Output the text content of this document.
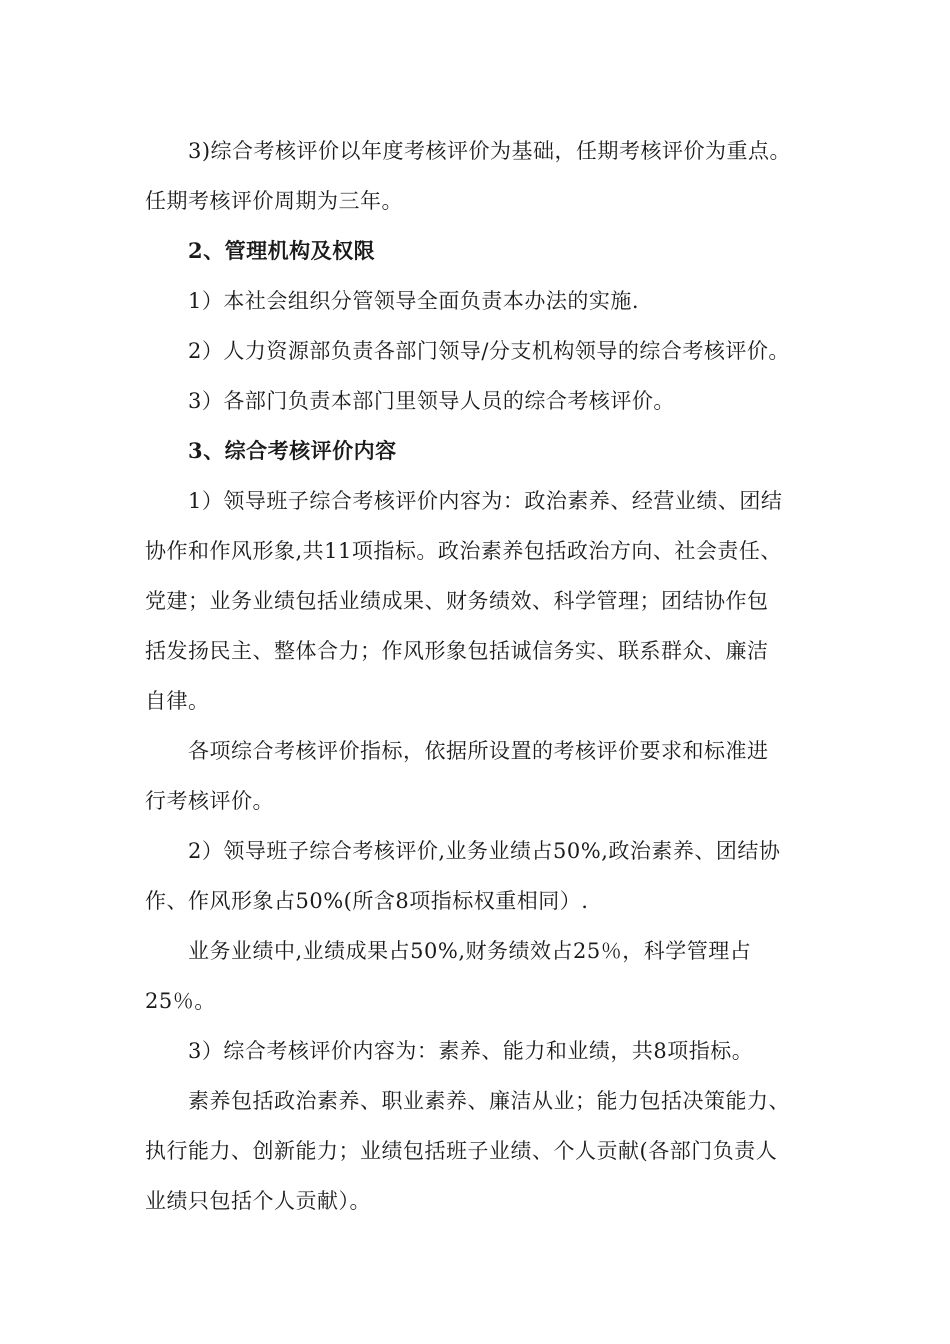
3)综合考核评价以年度考核评价为基础，任期考核评价为重点。
任期考核评价周期为三年。
2、管理机构及权限
1）本社会组织分管领导全面负责本办法的实施.
2）人力资源部负责各部门领导/分支机构领导的综合考核评价。
3）各部门负责本部门里领导人员的综合考核评价。
3、综合考核评价内容
1）领导班子综合考核评价内容为：政治素养、经营业绩、团结
协作和作风形象,共11项指标。政治素养包括政治方向、社会责任、
党建；业务业绩包括业绩成果、财务绩效、科学管理；团结协作包
括发扬民主、整体合力；作风形象包括诚信务实、联系群众、廉洁
自律。
各项综合考核评价指标，依据所设置的考核评价要求和标准进
行考核评价。
2）领导班子综合考核评价,业务业绩占50%,政治素养、团结协
作、作风形象占50%(所含8项指标权重相同）.
业务业绩中,业绩成果占50%,财务绩效占25％，科学管理占
25％。
3）综合考核评价内容为：素养、能力和业绩，共8项指标。
素养包括政治素养、职业素养、廉洁从业；能力包括决策能力、
执行能力、创新能力；业绩包括班子业绩、个人贡献(各部门负责人
业绩只包括个人贡献）。
